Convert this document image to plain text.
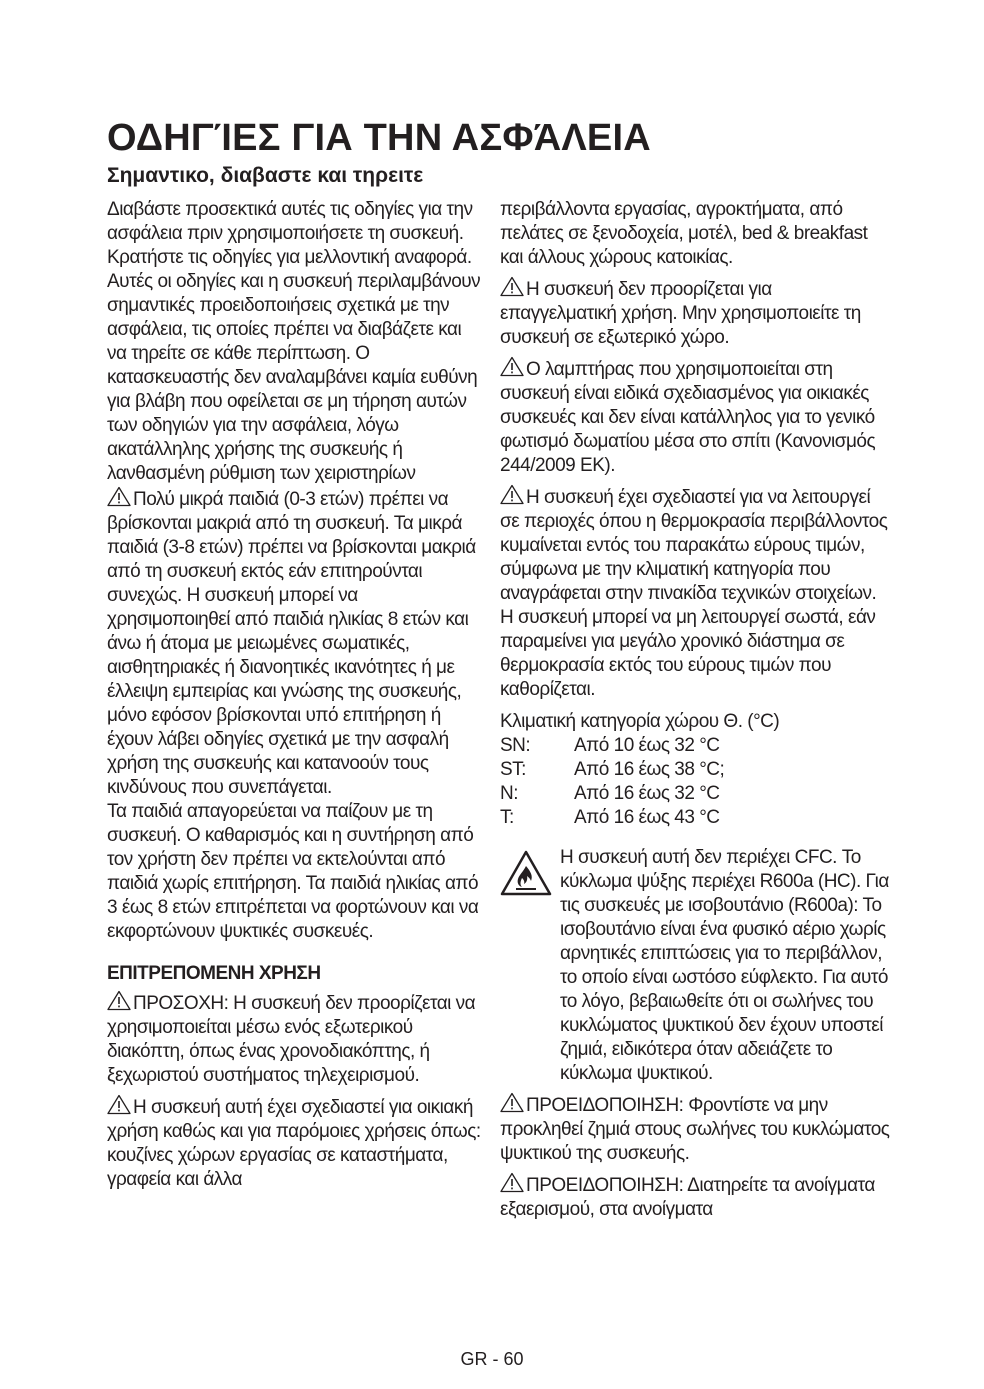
ΟΔΗΓΊΕΣ ΓΙΑ ΤΗΝ ΑΣΦΆΛΕΙΑ
Σημαντικο, διαβαστε και τηρειτε

Διαβάστε προσεκτικά αυτές τις οδηγίες για την ασφάλεια πριν χρησιμοποιήσετε τη συσκευή. Κρατήστε τις οδηγίες για μελλοντική αναφορά.

Αυτές οι οδηγίες και η συσκευή περιλαμβάνουν σημαντικές προειδοποιήσεις σχετικά με την ασφάλεια, τις οποίες πρέπει να διαβάζετε και να τηρείτε σε κάθε περίπτωση. Ο κατασκευαστής δεν αναλαμβάνει καμία ευθύνη για βλάβη που οφείλεται σε μη τήρηση αυτών των οδηγιών για την ασφάλεια, λόγω ακατάλληλης χρήσης της συσκευής ή λανθασμένη ρύθμιση των χειριστηρίων

Πολύ μικρά παιδιά (0-3 ετών) πρέπει να βρίσκονται μακριά από τη συσκευή. Τα μικρά παιδιά (3-8 ετών) πρέπει να βρίσκονται μακριά από τη συσκευή εκτός εάν επιτηρούνται συνεχώς. Η συσκευή μπορεί να χρησιμοποιηθεί από παιδιά ηλικίας 8 ετών και άνω ή άτομα με μειωμένες σωματικές, αισθητηριακές ή διανοητικές ικανότητες ή με έλλειψη εμπειρίας και γνώσης της συσκευής, μόνο εφόσον βρίσκονται υπό επιτήρηση ή έχουν λάβει οδηγίες σχετικά με την ασφαλή χρήση της συσκευής και κατανοούν τους κινδύνους που συνεπάγεται.

Τα παιδιά απαγορεύεται να παίζουν με τη συσκευή. Ο καθαρισμός και η συντήρηση από τον χρήστη δεν πρέπει να εκτελούνται από παιδιά χωρίς επιτήρηση. Τα παιδιά ηλικίας από 3 έως 8 ετών επιτρέπεται να φορτώνουν και να εκφορτώνουν ψυκτικές συσκευές.

ΕΠΙΤΡΕΠΟΜΕΝΗ ΧΡΗΣΗ

ΠΡΟΣΟΧΗ: Η συσκευή δεν προορίζεται να χρησιμοποιείται μέσω ενός εξωτερικού διακόπτη, όπως ένας χρονοδιακόπτης, ή ξεχωριστού συστήματος τηλεχειρισμού.

Η συσκευή αυτή έχει σχεδιαστεί για οικιακή χρήση καθώς και για παρόμοιες χρήσεις όπως: κουζίνες χώρων εργασίας σε καταστήματα, γραφεία και άλλα

περιβάλλοντα εργασίας, αγροκτήματα, από πελάτες σε ξενοδοχεία, μοτέλ, bed & breakfast και άλλους χώρους κατοικίας.

Η συσκευή δεν προορίζεται για επαγγελματική χρήση. Μην χρησιμοποιείτε τη συσκευή σε εξωτερικό χώρο.

Ο λαμπτήρας που χρησιμοποιείται στη συσκευή είναι ειδικά σχεδιασμένος για οικιακές συσκευές και δεν είναι κατάλληλος για το γενικό φωτισμό δωματίου μέσα στο σπίτι (Κανονισμός 244/2009 ΕΚ).

Η συσκευή έχει σχεδιαστεί για να λειτουργεί σε περιοχές όπου η θερμοκρασία περιβάλλοντος κυμαίνεται εντός του παρακάτω εύρους τιμών, σύμφωνα με την κλιματική κατηγορία που αναγράφεται στην πινακίδα τεχνικών στοιχείων. Η συσκευή μπορεί να μη λειτουργεί σωστά, εάν παραμείνει για μεγάλο χρονικό διάστημα σε θερμοκρασία εκτός του εύρους τιμών που καθορίζεται.

Κλιματική κατηγορία χώρου Θ. (°C)

SN:	Από 10 έως 32 °C
ST:	Από 16 έως 38 °C;
N:	Από 16 έως 32 °C
T:	Από 16 έως 43 °C
Η συσκευή αυτή δεν περιέχει CFC. Το κύκλωμα ψύξης περιέχει R600a (HC). Για τις συσκευές με ισοβουτάνιο (R600a): Το ισοβουτάνιο είναι ένα φυσικό αέριο χωρίς αρνητικές επιπτώσεις για το περιβάλλον, το οποίο είναι ωστόσο εύφλεκτο. Για αυτό το λόγο, βεβαιωθείτε ότι οι σωλήνες του κυκλώματος ψυκτικού δεν έχουν υποστεί ζημιά, ειδικότερα όταν αδειάζετε το κύκλωμα ψυκτικού.

ΠΡΟΕΙΔΟΠΟΙΗΣΗ: Φροντίστε να μην προκληθεί ζημιά στους σωλήνες του κυκλώματος ψυκτικού της συσκευής.

ΠΡΟΕΙΔΟΠΟΙΗΣΗ: Διατηρείτε τα ανοίγματα εξαερισμού, στα ανοίγματα

GR - 60
